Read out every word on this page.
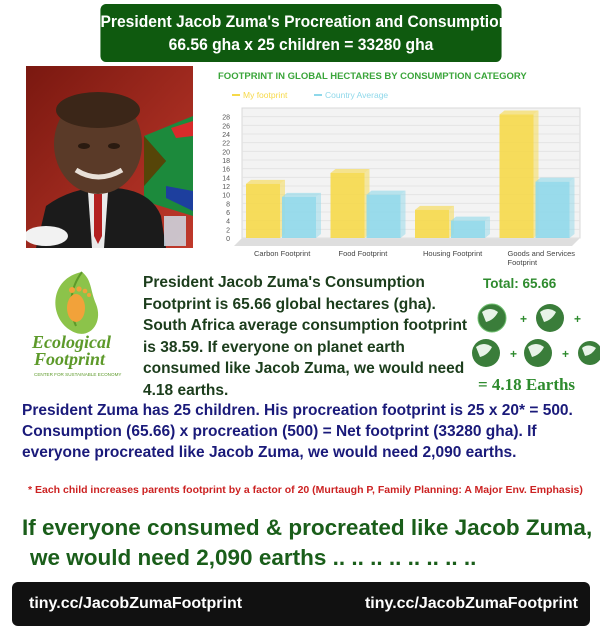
President Jacob Zuma's Procreation and Consumption Footprint
66.56 gha x 25 children = 33280 gha
FOOTPRINT IN GLOBAL HECTARES BY CONSUMPTION CATEGORY
My footprint	Country Average
0
2
4
6
8
10
12
14
16
18
20
22
24
26
28
Carbon Footprint	Food Footprint	Housing Footprint	Goods and Services
Footprint
Ecological
Footprint
CENTER FOR SUSTAINABLE ECONOMY
President Jacob Zuma's Consumption Footprint is 65.66 global hectares (gha). South Africa average consumption footprint is 38.59. If everyone on planet earth consumed like Jacob Zuma, we would need 4.18 earths.
Total: 65.66
+	+
+	+
= 4.18 Earths
President Zuma has 25 children. His procreation footprint is 25 x 20* = 500. Consumption (65.66) x procreation (500) = Net footprint (33280 gha). If everyone procreated like Jacob Zuma, we would need 2,090 earths.
* Each child increases parents footprint by a factor of 20 (Murtaugh P, Family Planning: A Major Env. Emphasis)
If everyone consumed & procreated like Jacob Zuma,
we would need 2,090 earths .. .. .. .. .. .. .. ..
tiny.cc/JacobZumaFootprint	tiny.cc/JacobZumaFootprint
